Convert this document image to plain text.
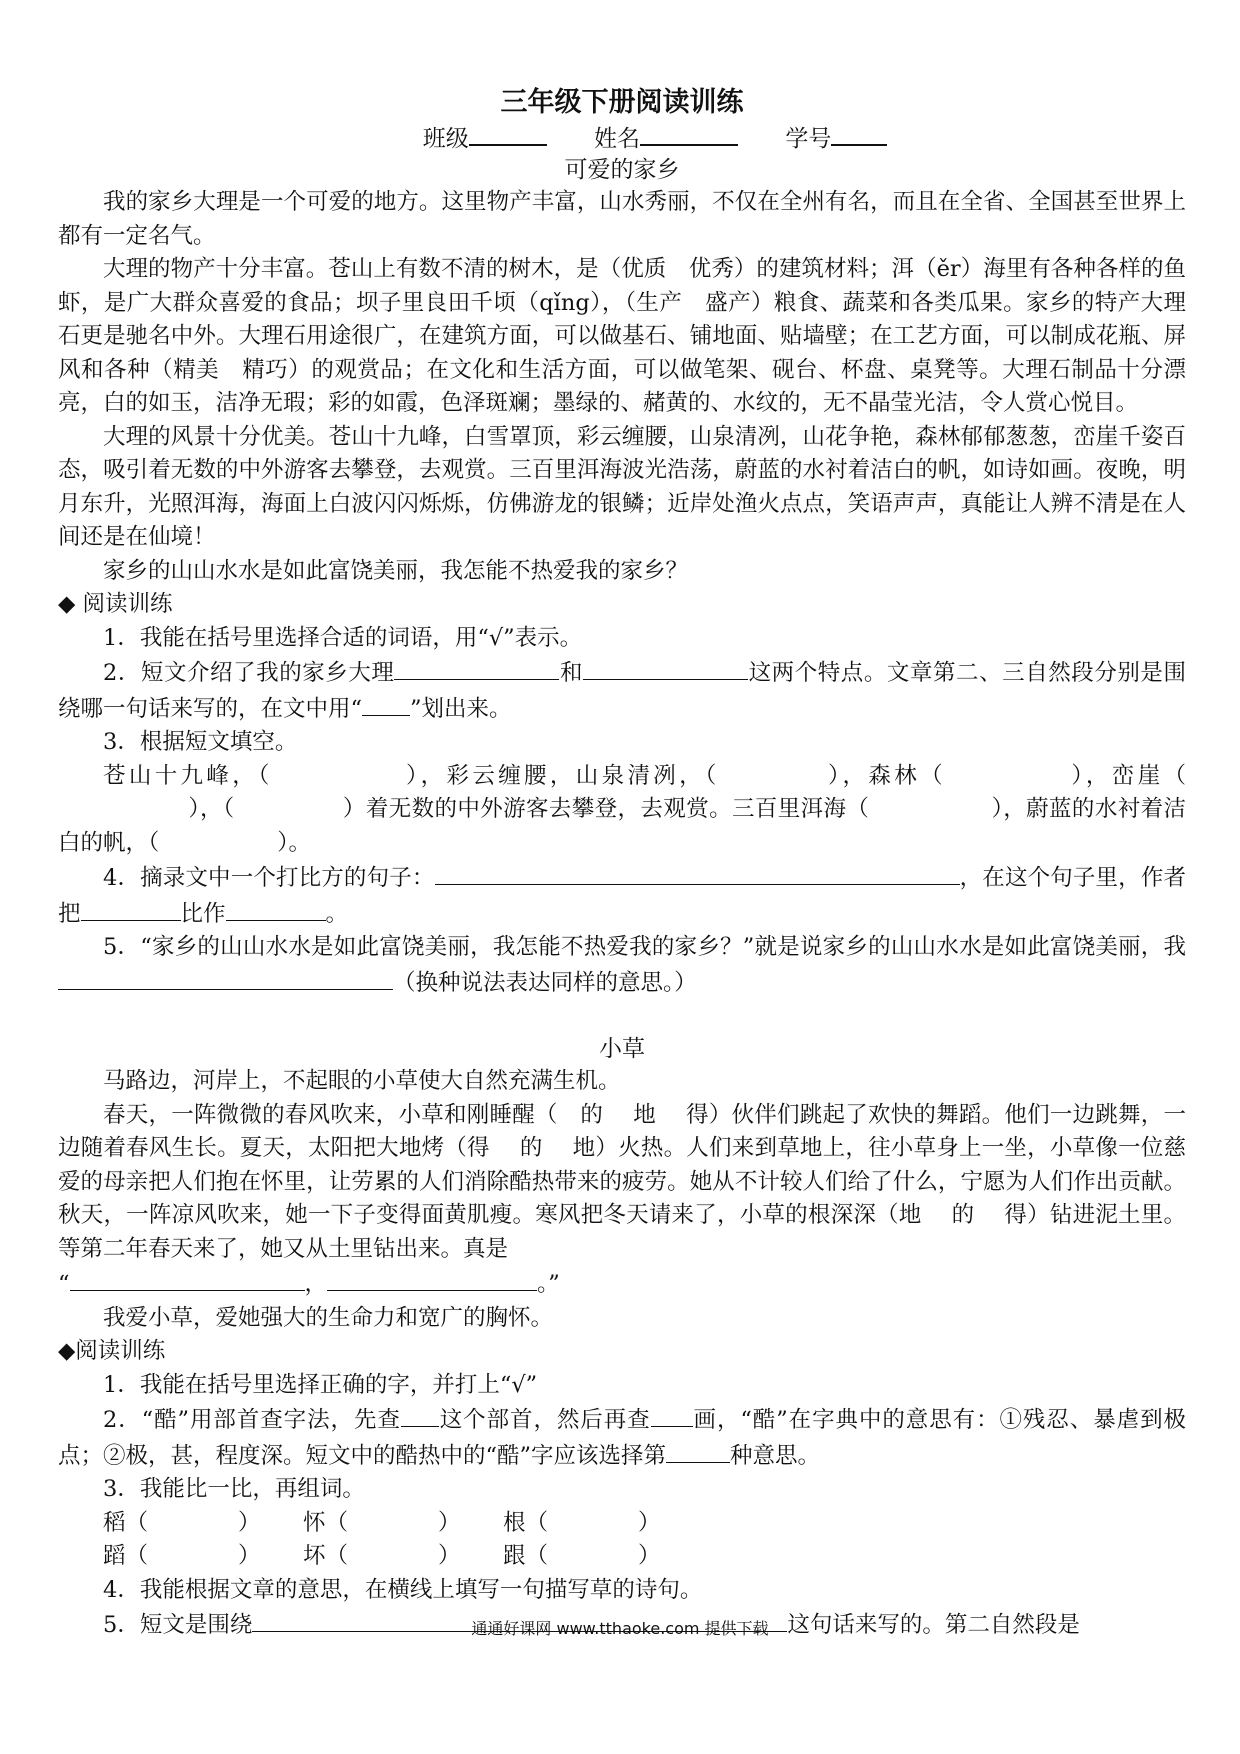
三年级下册阅读训练
班级	姓名	学号
可爱的家乡

我的家乡大理是一个可爱的地方。这里物产丰富，山水秀丽，不仅在全州有名，而且在全省、全国甚至世界上都有一定名气。

大理的物产十分丰富。苍山上有数不清的树木，是（优质　优秀）的建筑材料；洱（ěr）海里有各种各样的鱼虾，是广大群众喜爱的食品；坝子里良田千顷（qǐng），（生产　盛产）粮食、蔬菜和各类瓜果。家乡的特产大理石更是驰名中外。大理石用途很广，在建筑方面，可以做基石、铺地面、贴墙壁；在工艺方面，可以制成花瓶、屏风和各种（精美　精巧）的观赏品；在文化和生活方面，可以做笔架、砚台、杯盘、桌凳等。大理石制品十分漂亮，白的如玉，洁净无瑕；彩的如霞，色泽斑斓；墨绿的、赭黄的、水纹的，无不晶莹光洁，令人赏心悦目。

大理的风景十分优美。苍山十九峰，白雪罩顶，彩云缠腰，山泉清冽，山花争艳，森林郁郁葱葱，峦崖千姿百态，吸引着无数的中外游客去攀登，去观赏。三百里洱海波光浩荡，蔚蓝的水衬着洁白的帆，如诗如画。夜晚，明月东升，光照洱海，海面上白波闪闪烁烁，仿佛游龙的银鳞；近岸处渔火点点，笑语声声，真能让人辨不清是在人间还是在仙境！

家乡的山山水水是如此富饶美丽，我怎能不热爱我的家乡？

◆ 阅读训练

1．我能在括号里选择合适的词语，用“√”表示。

2．短文介绍了我的家乡大理	和	这两个特点。文章第二、三自然段分别是围绕哪一句话来写的，在文中用“ ”划出来。

3．根据短文填空。

苍山十九峰，（	），彩云缠腰，山泉清冽，（	），森林（	），峦崖（），（	）着无数的中外游客去攀登，去观赏。三百里洱海（	），蔚蓝的水衬着洁白的帆，（	）。

4．摘录文中一个打比方的句子：	，在这个句子里，作者把	比作	。

5．“家乡的山山水水是如此富饶美丽，我怎能不热爱我的家乡？”就是说家乡的山山水水是如此富饶美丽，我（换种说法表达同样的意思。）

小草

马路边，河岸上，不起眼的小草使大自然充满生机。

春天，一阵微微的春风吹来，小草和刚睡醒（　的　 地　 得）伙伴们跳起了欢快的舞蹈。他们一边跳舞，一边随着春风生长。夏天，太阳把大地烤（得　 的　 地）火热。人们来到草地上，往小草身上一坐，小草像一位慈爱的母亲把人们抱在怀里，让劳累的人们消除酷热带来的疲劳。她从不计较人们给了什么，宁愿为人们作出贡献。秋天，一阵凉风吹来，她一下子变得面黄肌瘦。寒风把冬天请来了，小草的根深深（地　 的　 得）钻进泥土里。等第二年春天来了，她又从土里钻出来。真是

“	，	。”

我爱小草，爱她强大的生命力和宽广的胸怀。

◆阅读训练

1．我能在括号里选择正确的字，并打上“√”

2．“酷”用部首查字法，先查 这个部首，然后再查 画，“酷”在字典中的意思有：①残忍、暴虐到极点；②极，甚，程度深。短文中的酷热中的“酷”字应该选择第	种意思。

3．我能比一比，再组词。

稻（　　　　）	怀（　　　　）	根（　　　　）
蹈（　　　　）	坏（　　　　）	跟（　　　　）

4．我能根据文章的意思，在横线上填写一句描写草的诗句。

5．短文是围绕	这句话来写的。第二自然段是

通通好课网 www.tthaoke.com 提供下载
